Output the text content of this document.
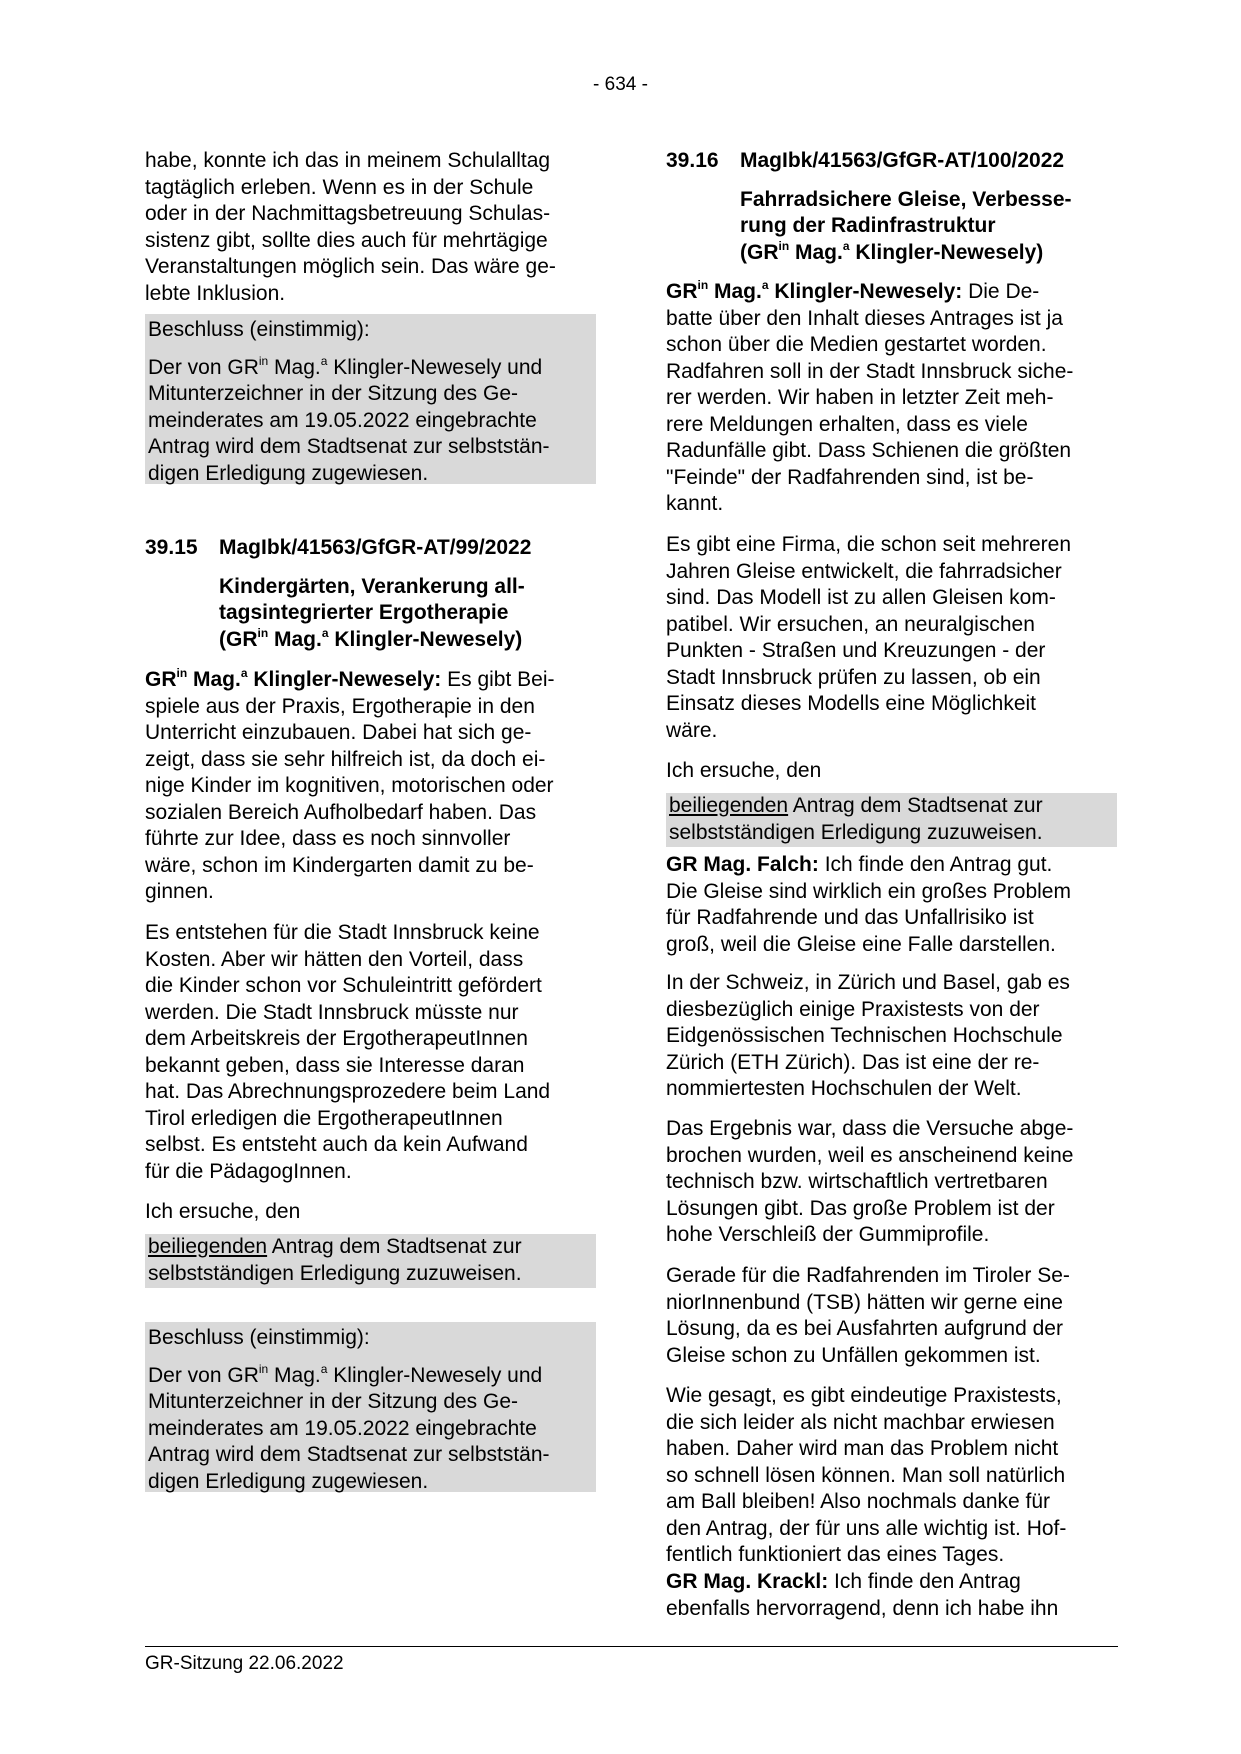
- 634 -
habe, konnte ich das in meinem Schulalltag
tagtäglich erleben. Wenn es in der Schule
oder in der Nachmittagsbetreuung Schulas-
sistenz gibt, sollte dies auch für mehrtägige
Veranstaltungen möglich sein. Das wäre ge-
lebte Inklusion.
Beschluss (einstimmig):
Der von $GR^{in}$ Mag.$^a$ Klingler-Newesely und
Mitunterzeichner in der Sitzung des Ge-
meinderates am 19.05.2022 eingebrachte
Antrag wird dem Stadtsenat zur selbststän-
digen Erledigung zugewiesen.
39.15 MagIbk/41563/GfGR-AT/99/2022
Kindergärten, Verankerung all-
tagsintegrierter Ergotherapie
($GR^{in}$ Mag.$^a$ Klingler-Newesely)
$GR^{in}$ Mag.$^a$ Klingler-Newesely: Es gibt Bei-
spiele aus der Praxis, Ergotherapie in den
Unterricht einzubauen. Dabei hat sich ge-
zeigt, dass sie sehr hilfreich ist, da doch ei-
nige Kinder im kognitiven, motorischen oder
sozialen Bereich Aufholbedarf haben. Das
führte zur Idee, dass es noch sinnvoller
wäre, schon im Kindergarten damit zu be-
ginnen.
Es entstehen für die Stadt Innsbruck keine
Kosten. Aber wir hätten den Vorteil, dass
die Kinder schon vor Schuleintritt gefördert
werden. Die Stadt Innsbruck müsste nur
dem Arbeitskreis der ErgotherapeutInnen
bekannt geben, dass sie Interesse daran
hat. Das Abrechnungsprozedere beim Land
Tirol erledigen die ErgotherapeutInnen
selbst. Es entsteht auch da kein Aufwand
für die PädagogInnen.
Ich ersuche, den
beiliegenden Antrag dem Stadtsenat zur
selbstständigen Erledigung zuzuweisen.
Beschluss (einstimmig):
Der von $GR^{in}$ Mag.$^a$ Klingler-Newesely und
Mitunterzeichner in der Sitzung des Ge-
meinderates am 19.05.2022 eingebrachte
Antrag wird dem Stadtsenat zur selbststän-
digen Erledigung zugewiesen.
39.16 MagIbk/41563/GfGR-AT/100/2022
Fahrradsichere Gleise, Verbesse-
rung der Radinfrastruktur
($GR^{in}$ Mag.$^a$ Klingler-Newesely)
$GR^{in}$ Mag.$^a$ Klingler-Newesely: Die De-
batte über den Inhalt dieses Antrages ist ja
schon über die Medien gestartet worden.
Radfahren soll in der Stadt Innsbruck siche-
rer werden. Wir haben in letzter Zeit meh-
rere Meldungen erhalten, dass es viele
Radunfälle gibt. Dass Schienen die größten
"Feinde" der Radfahrenden sind, ist be-
kannt.
Es gibt eine Firma, die schon seit mehreren
Jahren Gleise entwickelt, die fahrradsicher
sind. Das Modell ist zu allen Gleisen kom-
patibel. Wir ersuchen, an neuralgischen
Punkten - Straßen und Kreuzungen - der
Stadt Innsbruck prüfen zu lassen, ob ein
Einsatz dieses Modells eine Möglichkeit
wäre.
Ich ersuche, den
beiliegenden Antrag dem Stadtsenat zur
selbstständigen Erledigung zuzuweisen.
GR Mag. Falch: Ich finde den Antrag gut.
Die Gleise sind wirklich ein großes Problem
für Radfahrende und das Unfallrisiko ist
groß, weil die Gleise eine Falle darstellen.
In der Schweiz, in Zürich und Basel, gab es
diesbezüglich einige Praxistests von der
Eidgenössischen Technischen Hochschule
Zürich (ETH Zürich). Das ist eine der re-
nommiertesten Hochschulen der Welt.
Das Ergebnis war, dass die Versuche abge-
brochen wurden, weil es anscheinend keine
technisch bzw. wirtschaftlich vertretbaren
Lösungen gibt. Das große Problem ist der
hohe Verschleiß der Gummiprofile.
Gerade für die Radfahrenden im Tiroler Se-
niorInnenbund (TSB) hätten wir gerne eine
Lösung, da es bei Ausfahrten aufgrund der
Gleise schon zu Unfällen gekommen ist.
Wie gesagt, es gibt eindeutige Praxistests,
die sich leider als nicht machbar erwiesen
haben. Daher wird man das Problem nicht
so schnell lösen können. Man soll natürlich
am Ball bleiben! Also nochmals danke für
den Antrag, der für uns alle wichtig ist. Hof-
fentlich funktioniert das eines Tages.
GR Mag. Krackl: Ich finde den Antrag
ebenfalls hervorragend, denn ich habe ihn
GR-Sitzung 22.06.2022
